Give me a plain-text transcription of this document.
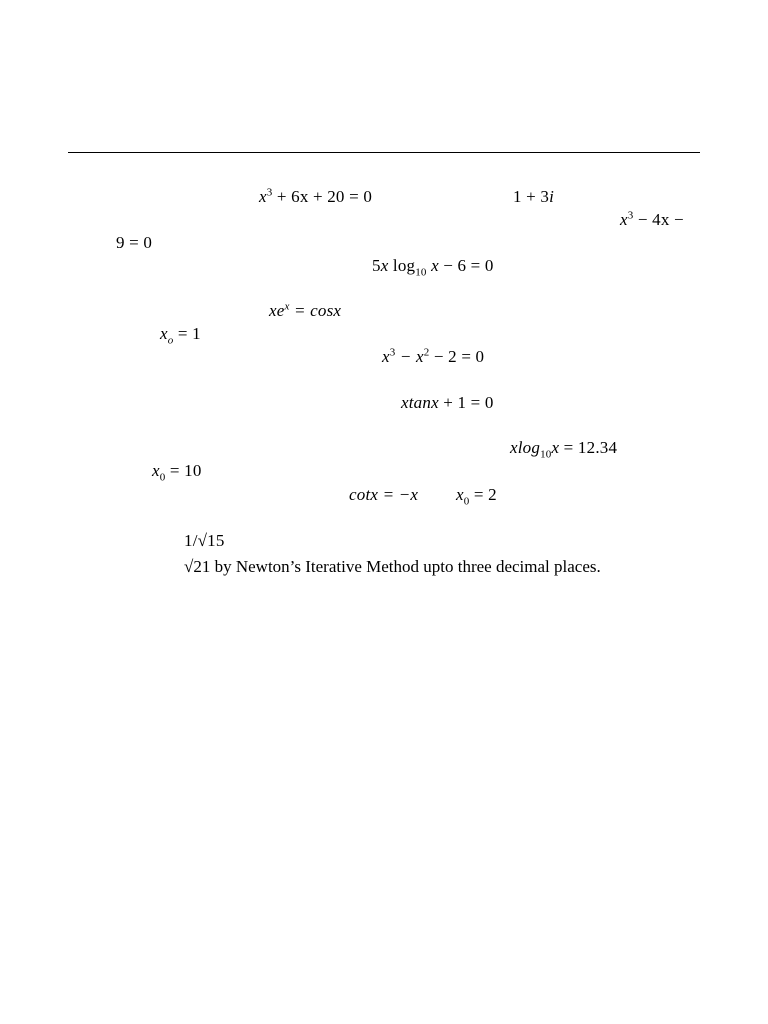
$x^3 + 6x + 20 = 0$	1 + 3i
$x^3 - 4x$ −
9 = 0
5x $\log_{10} x - 6 = 0$
$xe^x = \cos x$
$x_o = 1$
$x^3 - x^2 - 2 = 0$
xtanx + 1 = 0
xlog$_{10}$x = 12.34
$x_0 = 10$
cotx = −x $x_0 = 2$
1/√15
√21 by Newton’s Iterative Method upto three decimal places.
